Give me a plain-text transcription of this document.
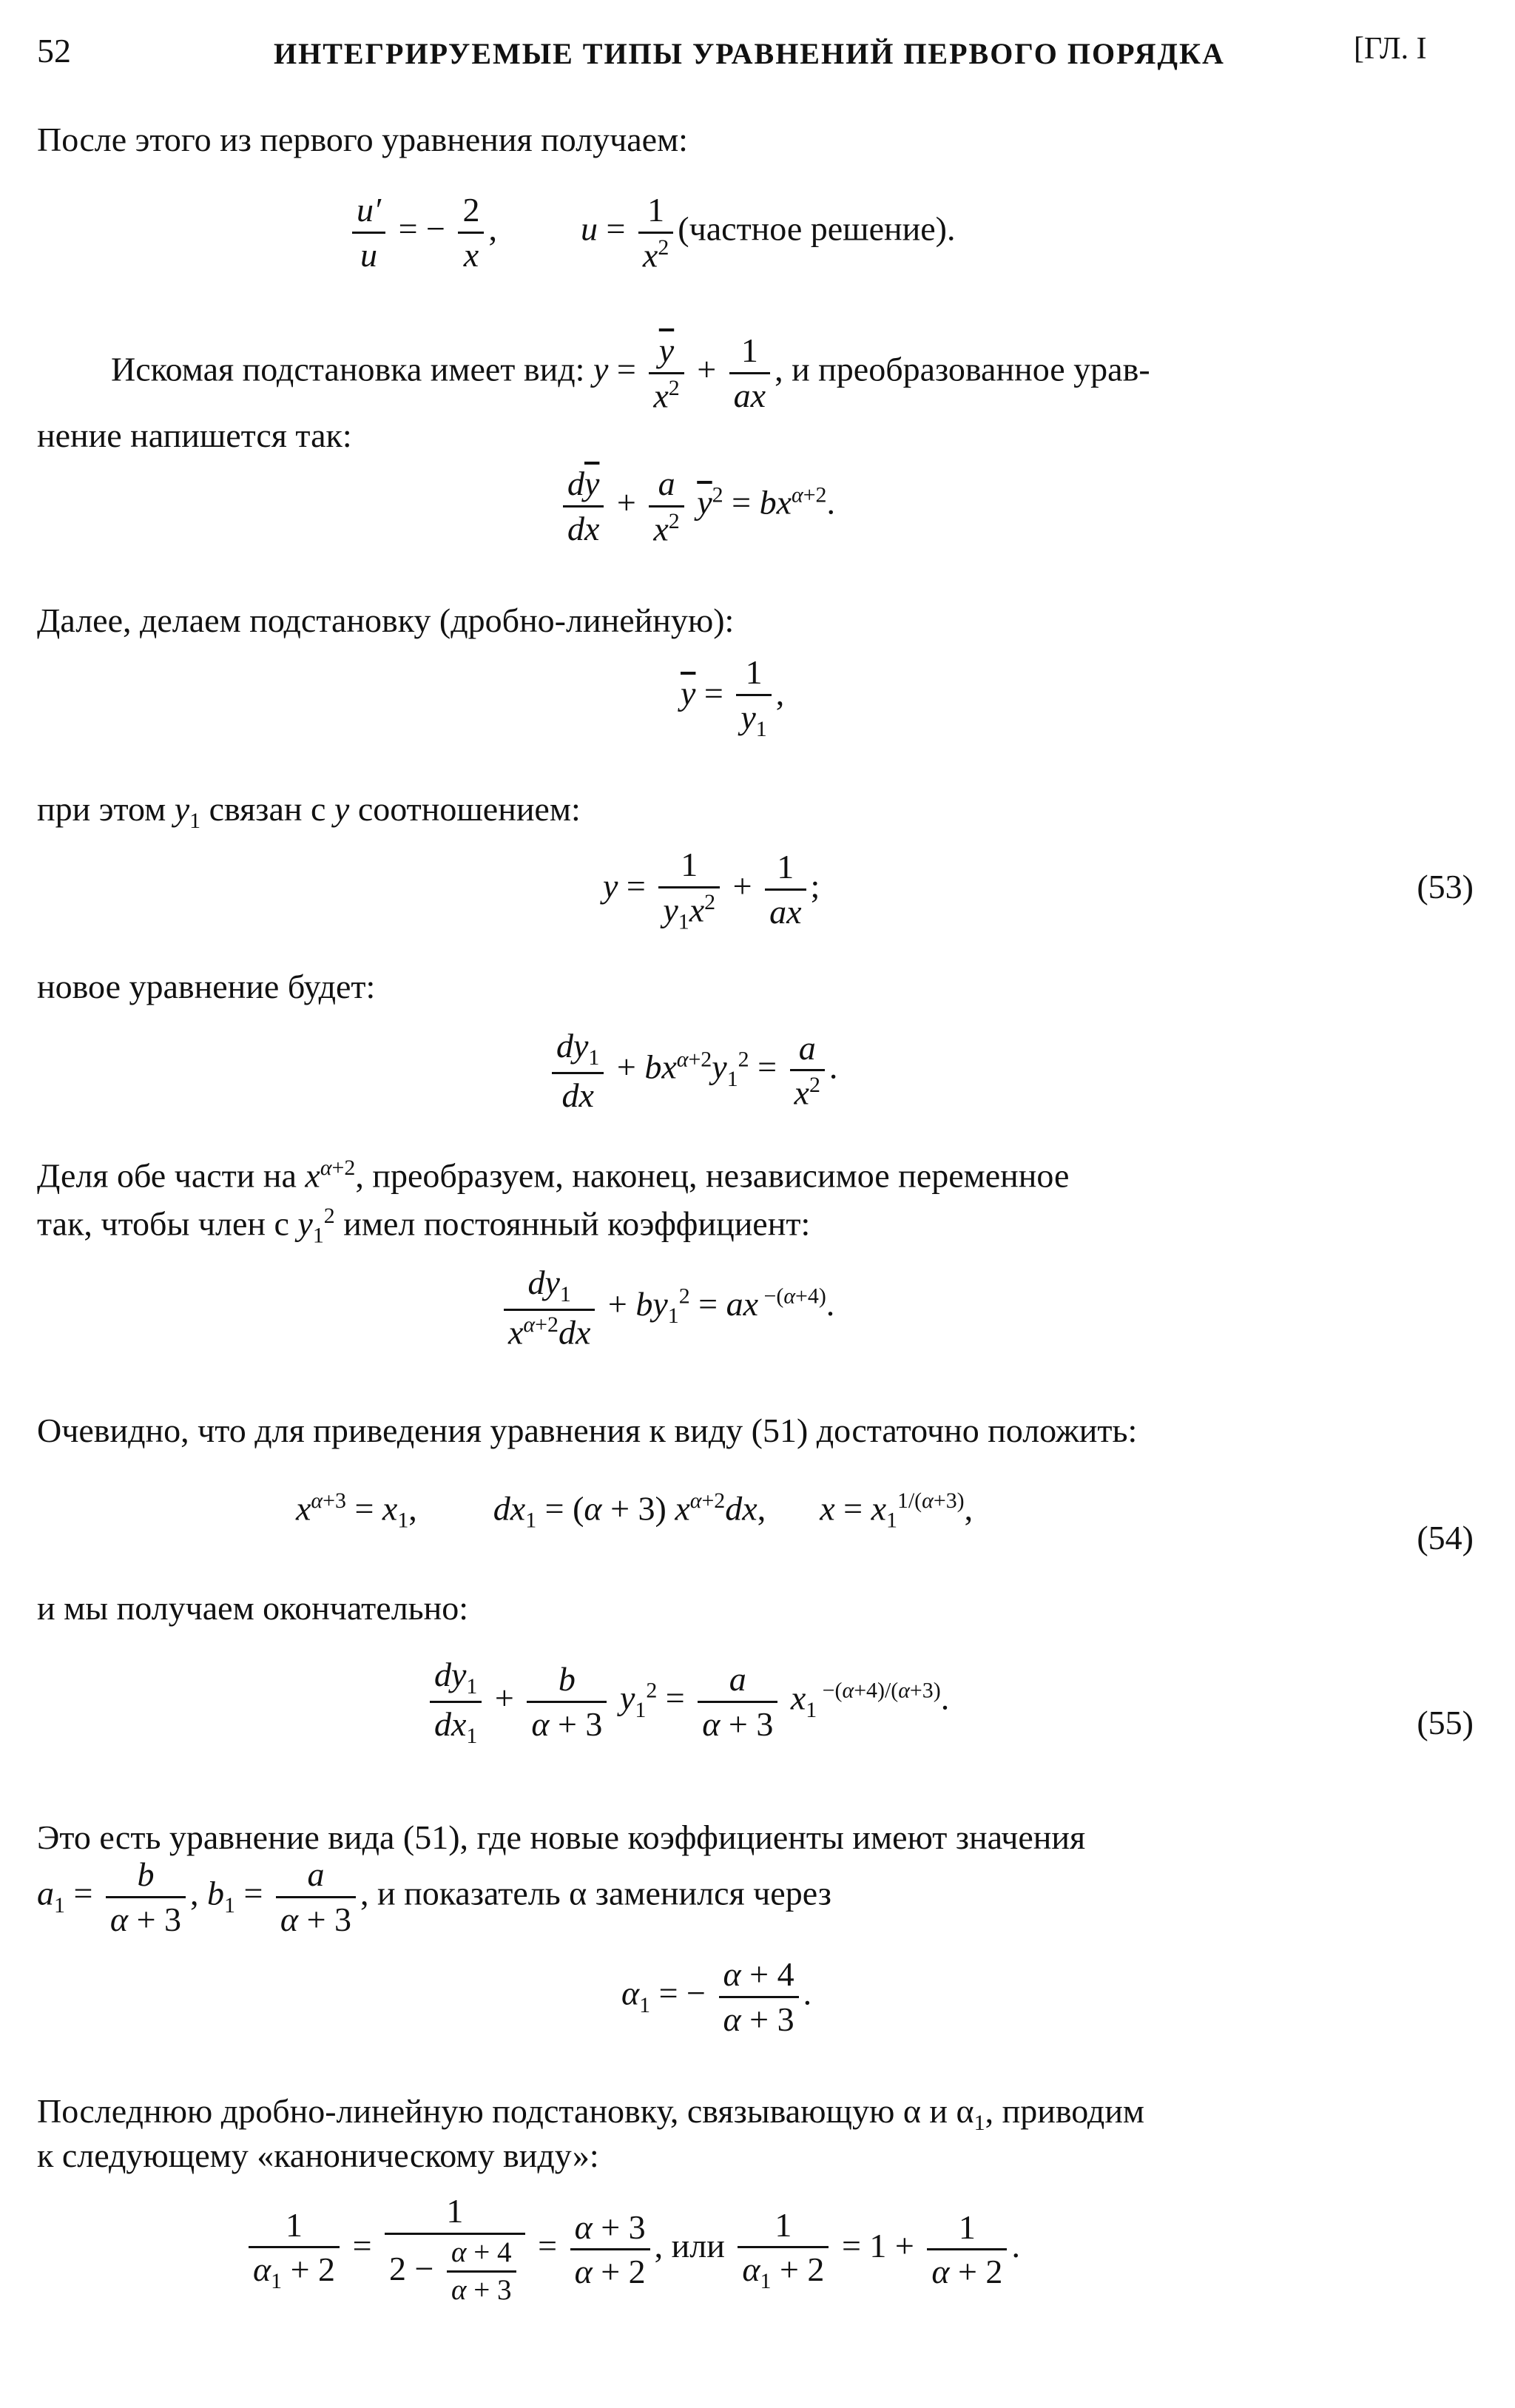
52	ИНТЕГРИРУЕМЫЕ ТИПЫ УРАВНЕНИЙ ПЕРВОГО ПОРЯДКА	[ГЛ. I
После этого из первого уравнения получаем:
$\frac{u'}{u}$ = − $\frac{2}{x}$ ,  $u = \frac{1}{x^2}$ (частное решение).
Искомая подстановка имеет вид: $y = \frac{\overline{y}}{x^2} + \frac{1}{ax}$ , и преобразованное урав-
нение напишется так:
$\frac{d\overline{y}}{dx} + \frac{a}{x^2} \overline{y}^2 = bx^{\alpha+2}$.
Далее, делаем подстановку (дробно-линейную):
$\overline{y} = \frac{1}{y_1}$ ,
при этом $y_1$ связан с y соотношением:
$y = \frac{1}{y_1x^2} + \frac{1}{ax}$ ;	(53)
новое уравнение будет:
$\frac{dy_1}{dx} + bx^{\alpha+2}y_1^2 = \frac{a}{x^2}$ .
Деля обе части на $x^{\alpha+2}$, преобразуем, наконец, независимое переменное
так, чтобы член с $y_1^2$ имел постоянный коэффициент:
$\frac{dy_1}{x^{\alpha+2}dx} + by_1^2$ = ax $^{-(\alpha+4)}$.
Очевидно, что для приведения уравнения к виду (51) достаточно положить:
$x^{\alpha+3} = x_1$,  $dx_1 = (\alpha + 3)$ $x^{\alpha+2}dx$,  $x = x_1^{1/(\alpha+3)}$,
(54)
и мы получаем окончательно:
$\frac{dy_1}{dx_1} + \frac{b}{\alpha + 3} y_1^2 = \frac{a}{\alpha + 3} x_1$ $^{-(\alpha+4)/(\alpha+3)}$.
(55)
Это есть уравнение вида (51), где новые коэффициенты имеют значения
$a_1 = \frac{b}{\alpha + 3}$ , $b_1 = \frac{a}{\alpha + 3}$ , и показатель α заменился через
$\alpha_1$ = − $\frac{\alpha + 4}{\alpha + 3}$ .
Последнюю дробно-линейную подстановку, связывающую α и $\alpha_1$, приводим
к следующему «каноническому виду»:
$\frac{1}{\alpha_1 + 2} = \frac{1}{2 - \frac{\alpha + 4}{\alpha + 3}} = \frac{\alpha + 3}{\alpha + 2}$ , или $\frac{1}{\alpha_1 + 2} = 1 + \frac{1}{\alpha + 2}$ .
